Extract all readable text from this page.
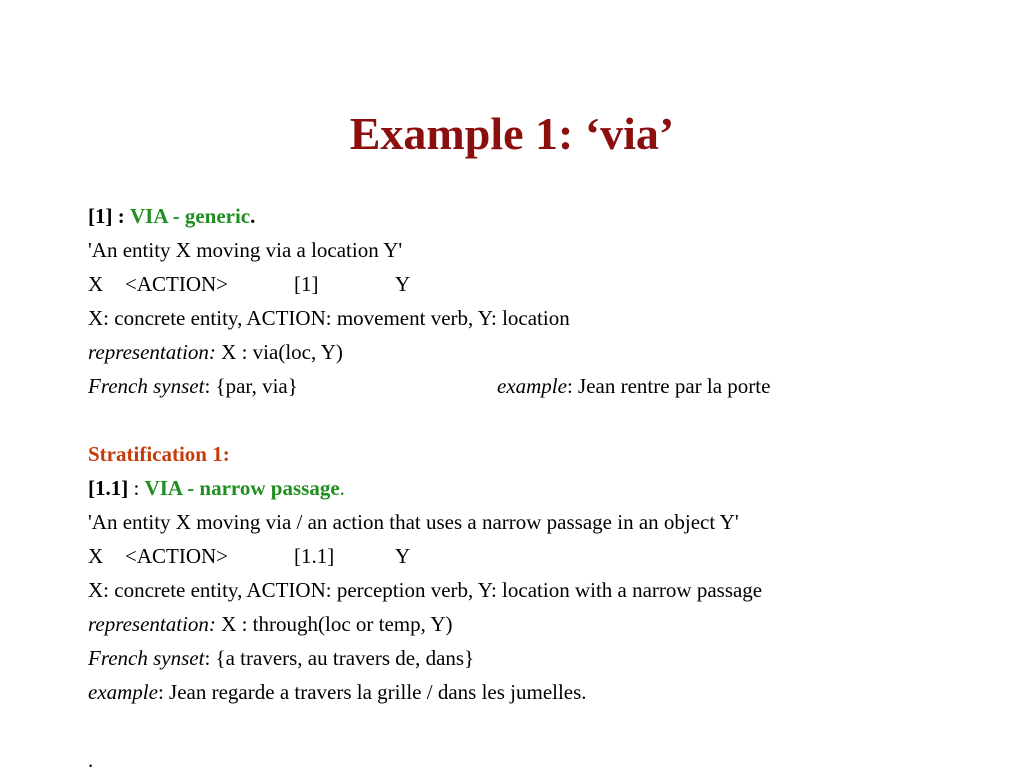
Example 1: ‘via’
[1] : VIA - generic.
'An entity X moving via a location Y'
X <ACTION>	[1]	Y
X: concrete entity, ACTION: movement verb, Y: location
representation: X : via(loc, Y)
French synset: {par, via}	example: Jean rentre par la porte
Stratification 1:
[1.1] : VIA - narrow passage.
'An entity X moving via / an action that uses a narrow passage in an object Y'
X <ACTION>	[1.1]	Y
X: concrete entity, ACTION: perception verb, Y: location with a narrow passage
representation: X : through(loc or temp, Y)
French synset: {a travers, au travers de, dans}
example: Jean regarde a travers la grille / dans les jumelles.
.
